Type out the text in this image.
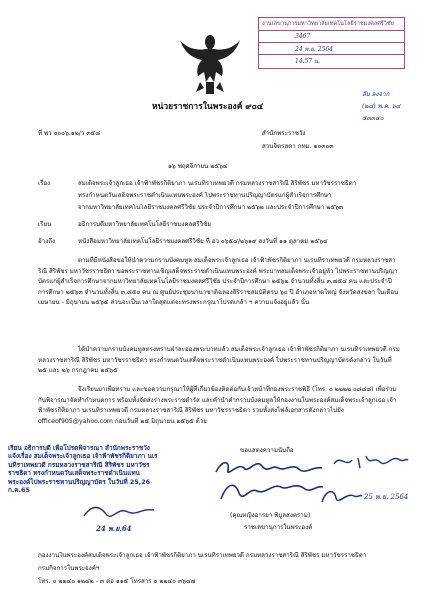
งานเลขานุการมหาวิทยาลัยเทคโนโลยีราชมงคลศรีวิชัย
3467
24 พ.ย. 2564
14.57 น.
หน่วยราชการในพระองค์ ๙๐๔
ลับ ลงจาก
(๒๘) พ.ค. ๖๔
๕๓๓๔๐
ที่ พว ๐๐๐๖.๑๒/ว ๓๕๘	สำนักพระราชวัง
สวนจิตรลดา กทม. ๑๐๓๐๓
๑๖ พฤศจิกายน ๒๕๖๔
เรื่อง	สมเด็จพระเจ้าลูกเธอ เจ้าฟ้าพัชรกิติยาภา นเรนทิราเทพยวดี กรมหลวงราชสาริณี สิริพัชร มหาวัชรราชธิดา
ทรงกำหนดวันเสด็จพระราชดำเนินแทนพระองค์ ไปพระราชทานปริญญาบัตรแก่ผู้สำเร็จการศึกษา
จากมหาวิทยาลัยเทคโนโลยีราชมงคลศรีวิชัย ประจำปีการศึกษา ๒๕๖๒ และประจำปีการศึกษา ๒๕๖๓
เรียน	อธิการบดีมหาวิทยาลัยเทคโนโลยีราชมงคลศรีวิชัย
อ้างถึง	หนังสือมหาวิทยาลัยเทคโนโลยีราชมงคลศรีวิชัย ที่ อว ๐๖๕๔/๒๖๑๙ ลงวันที่ ๑๑ ตุลาคม ๒๕๖๔
ตามที่มีหนังสือขอให้นำความกราบบังคมทูล สมเด็จพระเจ้าลูกเธอ เจ้าฟ้าพัชรกิติยาภา นเรนทิราเทพยวดี กรมหลวงราชสาริณี สิริพัชร มหาวัชรราชธิดา ขอพระราชทานเชิญเสด็จพระราชดำเนินแทนพระองค์ พระบาทสมเด็จพระเจ้าอยู่หัว ไปพระราชทานปริญญาบัตรแก่ผู้สำเร็จการศึกษาจากมหาวิทยาลัยเทคโนโลยีราชมงคลศรีวิชัย ประจำปีการศึกษา ๒๕๖๒ จำนวนทั้งสิ้น ๓,๗๕๔ คน และประจำปีการศึกษา ๒๕๖๓ จำนวนทั้งสิ้น ๓,๘๕๐ คน ณ ศูนย์ประชุมนานาชาติฉลองสิริราชสมบัติครบ ๖๐ ปี อำเภอหาดใหญ่ จังหวัดสงขลา ในเดือนเมษายน - มิถุนายน ๒๕๖๕ ส่วนจะเป็นเวลาใดสุดแต่จะทรงพระกรุณาโปรดเกล้า ฯ ความแจ้งอยู่แล้ว นั้น
ได้นำความกราบบังคมทูลทรงทราบฝ่าละอองพระบาทแล้ว สมเด็จพระเจ้าลูกเธอ เจ้าฟ้าพัชรกิติยาภา นเรนทิราเทพยวดี กรมหลวงราชสาริณี สิริพัชร มหาวัชรราชธิดา ทรงกำหนดวันเสด็จพระราชดำเนินแทนพระองค์ ไปพระราชทานปริญญาบัตรดังกล่าว ในวันที่ ๒๕ และ ๒๖ กรกฎาคม ๒๕๖๕
จึงเรียนมาเพื่อทราบ และขอความกรุณาให้ผู้ที่เกี่ยวข้องติดต่อกับเจ้าหน้าที่กองพระราชพิธี (โทร. ๐ ๒๒๒๒ ๐๘๘๘) เพื่อร่วมกันพิจารณาจัดทำกำหนดการ พร้อมทั้งจัดส่งร่างพระราชดำรัส และคำนำคำกราบบังคมทูลให้กองงานในพระองค์สมเด็จพระเจ้าลูกเธอ เจ้าฟ้าพัชรกิติยาภา นเรนทิราเทพยวดี กรมหลวงราชสาริณี สิริพัชร มหาวัชรราชธิดา รวมทั้งส่งไฟล์เอกสารดังกล่าวไปยัง officeof905@yahoo.com ก่อนวันที่ ๒๕ มิถุนายน ๒๕๖๕ ด้วย
ขอแสดงความนับถือ
25 พ.ย. 2564
(คุณหญิงอารยา พิบูลสงคราม)
ราชเลขานุการในพระองค์
เรียน อธิการบดี เพื่อโปรดพิจารณา สำนักพระราชวังแจ้งเรื่อง สมเด็จพระเจ้าลูกเธอ เจ้าฟ้าพัชรกิติยาภา นเรนทิราเทพยวดี กรมหลวงราชสาริณี สิริพัชร มหาวัชรราชธิดา ทรงกำหนดวันเสด็จพระราชดำเนินแทนพระองค์ไปพระราชทานปริญญาบัตร ในวันที่ 25,26 ก.ค.65
24 พ.ย.64
กองงานในพระองค์สมเด็จพระเจ้าลูกเธอ เจ้าฟ้าพัชรกิติยาภา นเรนทิราเทพยวดี กรมหลวงราชสาริณี สิริพัชร มหาวัชรราชธิดา
กรมกิจการในพระองค์ฯ
โทร. ๐ ๒๒๔๐ ๑๒๔๒ - ๓ ต่อ ๑๑๕ โทรสาร ๐ ๒๒๔๐ ๓๖๔๗
